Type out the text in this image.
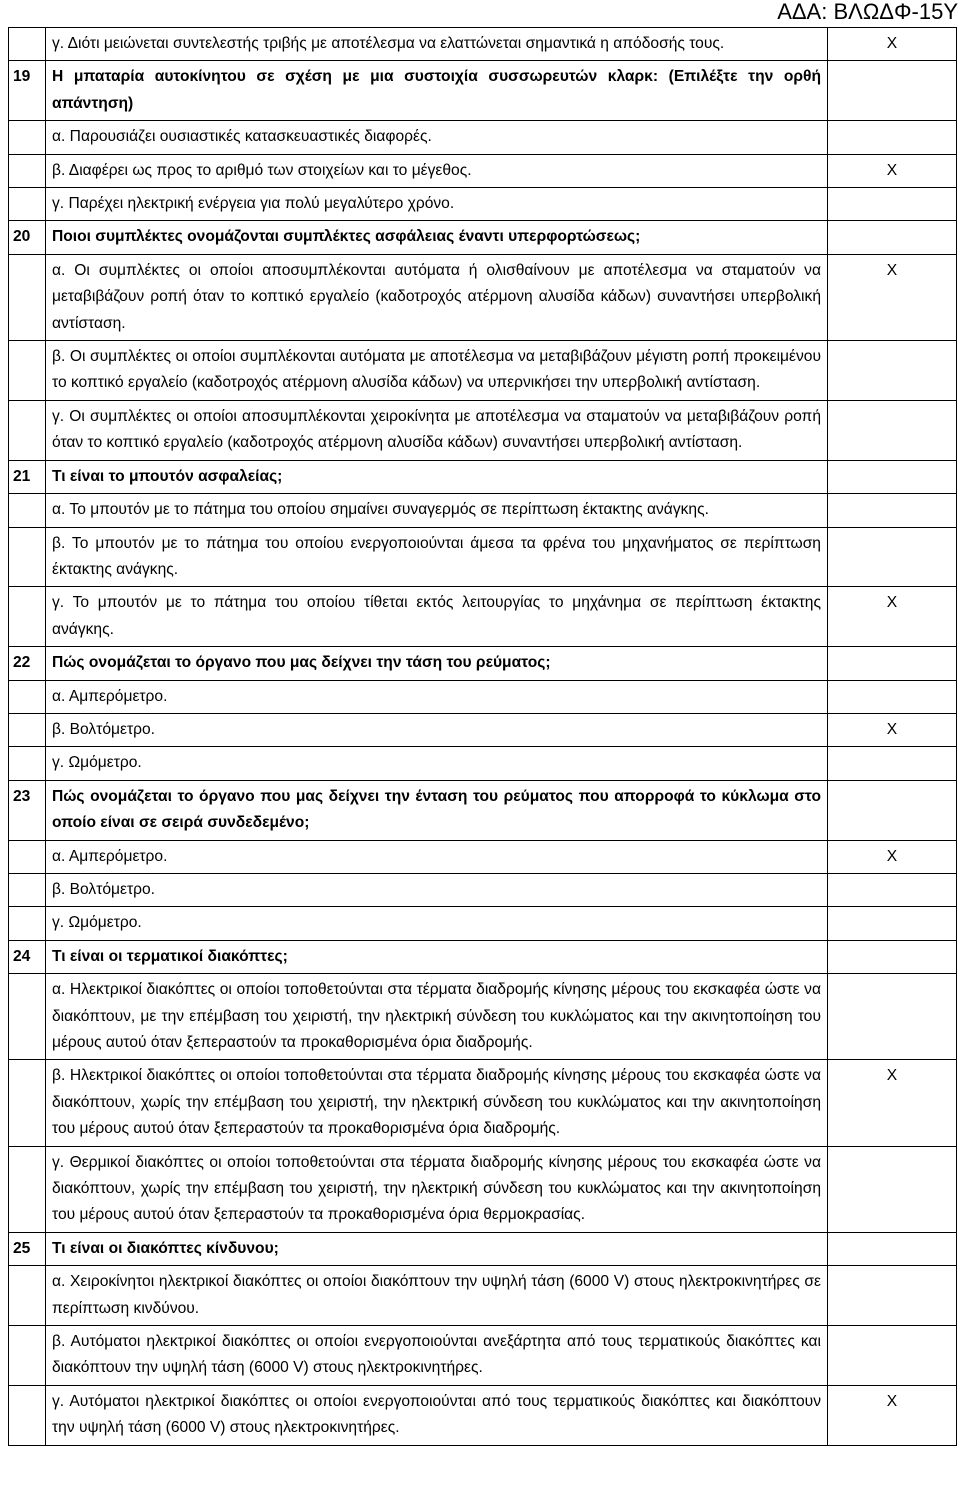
ΑΔΑ: ΒΛΩΔΦ-15Υ
	γ. Διότι μειώνεται συντελεστής τριβής με αποτέλεσμα να ελαττώνεται σημαντικά η απόδοσής τους.	X
19	Η μπαταρία αυτοκίνητου σε σχέση με μια συστοιχία συσσωρευτών κλαρκ: (Επιλέξτε την ορθή απάντηση)	
	α. Παρουσιάζει ουσιαστικές κατασκευαστικές διαφορές.	
	β. Διαφέρει ως προς το αριθμό των στοιχείων και το μέγεθος.	X
	γ. Παρέχει ηλεκτρική ενέργεια για πολύ μεγαλύτερο χρόνο.	
20	Ποιοι συμπλέκτες ονομάζονται συμπλέκτες ασφάλειας έναντι υπερφορτώσεως;	
	α. Οι συμπλέκτες οι οποίοι αποσυμπλέκονται αυτόματα ή ολισθαίνουν με αποτέλεσμα να σταματούν να μεταβιβάζουν ροπή όταν το κοπτικό εργαλείο (καδοτροχός ατέρμονη αλυσίδα κάδων) συναντήσει υπερβολική αντίσταση.	X
	β. Οι συμπλέκτες οι οποίοι συμπλέκονται αυτόματα με αποτέλεσμα να μεταβιβάζουν μέγιστη ροπή προκειμένου το κοπτικό εργαλείο (καδοτροχός ατέρμονη αλυσίδα κάδων) να υπερνικήσει την υπερβολική αντίσταση.	
	γ. Οι συμπλέκτες οι οποίοι αποσυμπλέκονται χειροκίνητα με αποτέλεσμα να σταματούν να μεταβιβάζουν ροπή όταν το κοπτικό εργαλείο (καδοτροχός ατέρμονη αλυσίδα κάδων) συναντήσει υπερβολική αντίσταση.	
21	Τι είναι το μπουτόν ασφαλείας;	
	α. Το μπουτόν με το πάτημα του οποίου σημαίνει συναγερμός σε περίπτωση έκτακτης ανάγκης.	
	β. Το μπουτόν με το πάτημα του οποίου ενεργοποιούνται άμεσα τα φρένα του μηχανήματος σε περίπτωση έκτακτης ανάγκης.	
	γ. Το μπουτόν με το πάτημα του οποίου τίθεται εκτός λειτουργίας το μηχάνημα σε περίπτωση έκτακτης ανάγκης.	X
22	Πώς ονομάζεται το όργανο που μας δείχνει την τάση του ρεύματος;	
	α. Αμπερόμετρο.	
	β. Βολτόμετρο.	X
	γ. Ωμόμετρο.	
23	Πώς ονομάζεται το όργανο που μας δείχνει την ένταση του ρεύματος που απορροφά το κύκλωμα στο οποίο είναι σε σειρά συνδεδεμένο;	
	α. Αμπερόμετρο.	X
	β. Βολτόμετρο.	
	γ. Ωμόμετρο.	
24	Τι είναι οι τερματικοί διακόπτες;	
	α. Ηλεκτρικοί διακόπτες οι οποίοι τοποθετούνται στα τέρματα διαδρομής κίνησης μέρους του εκσκαφέα ώστε να διακόπτουν, με την επέμβαση του χειριστή, την ηλεκτρική σύνδεση του κυκλώματος και την ακινητοποίηση του μέρους αυτού όταν ξεπεραστούν τα προκαθορισμένα όρια διαδρομής.	
	β. Ηλεκτρικοί διακόπτες οι οποίοι τοποθετούνται στα τέρματα διαδρομής κίνησης μέρους του εκσκαφέα ώστε να διακόπτουν, χωρίς την επέμβαση του χειριστή, την ηλεκτρική σύνδεση του κυκλώματος και την ακινητοποίηση του μέρους αυτού όταν ξεπεραστούν τα προκαθορισμένα όρια διαδρομής.	X
	γ. Θερμικοί διακόπτες οι οποίοι τοποθετούνται στα τέρματα διαδρομής κίνησης μέρους του εκσκαφέα ώστε να διακόπτουν, χωρίς την επέμβαση του χειριστή, την ηλεκτρική σύνδεση του κυκλώματος και την ακινητοποίηση του μέρους αυτού όταν ξεπεραστούν τα προκαθορισμένα όρια θερμοκρασίας.	
25	Τι είναι οι διακόπτες κίνδυνου;	
	α. Χειροκίνητοι ηλεκτρικοί διακόπτες οι οποίοι διακόπτουν την υψηλή τάση (6000 V) στους ηλεκτροκινητήρες σε περίπτωση κινδύνου.	
	β. Αυτόματοι ηλεκτρικοί διακόπτες οι οποίοι ενεργοποιούνται ανεξάρτητα από τους τερματικούς διακόπτες και διακόπτουν την υψηλή τάση (6000 V) στους ηλεκτροκινητήρες.	
	γ. Αυτόματοι ηλεκτρικοί διακόπτες οι οποίοι ενεργοποιούνται από τους τερματικούς διακόπτες και διακόπτουν την υψηλή τάση (6000 V) στους ηλεκτροκινητήρες.	X
